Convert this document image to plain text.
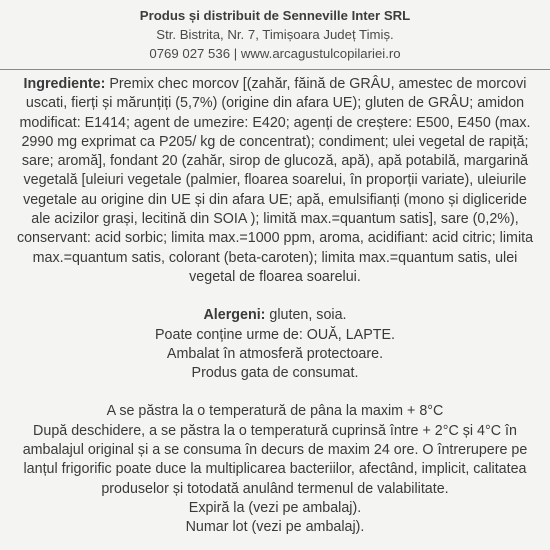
Produs și distribuit de Senneville Inter SRL
Str. Bistrita, Nr. 7, Timișoara Județ Timiș.
0769 027 536 | www.arcagustulcopilariei.ro
Ingrediente: Premix chec morcov [(zahăr, făină de GRÂU, amestec de morcovi uscati, fierți și mărunțiți (5,7%) (origine din afara UE); gluten de GRÂU; amidon modificat: E1414; agent de umezire: E420; agenți de creștere: E500, E450 (max. 2990 mg exprimat ca P205/ kg de concentrat); condiment; ulei vegetal de rapiță; sare; aromă], fondant 20 (zahăr, sirop de glucoză, apă), apă potabilă, margarină vegetală [uleiuri vegetale (palmier, floarea soarelui, în proporții variate), uleiurile vegetale au origine din UE și din afara UE; apă, emulsifianți (mono și digliceride ale acizilor grași, lecitină din SOIA ); limită max.=quantum satis], sare (0,2%), conservant: acid sorbic; limita max.=1000 ppm, aroma, acidifiant: acid citric; limita max.=quantum satis, colorant (beta-caroten); limita max.=quantum satis, ulei vegetal de floarea soarelui.
Alergeni: gluten, soia.
Poate conține urme de: OUĂ, LAPTE.
Ambalat în atmosferă protectoare.
Produs gata de consumat.
A se păstra la o temperatură de pâna la maxim + 8°C
După deschidere, a se păstra la o temperatură cuprinsă între + 2°C și 4°C în ambalajul original și a se consuma în decurs de maxim 24 ore. O întrerupere pe lanțul frigorific poate duce la multiplicarea bacteriilor, afectând, implicit, calitatea produselor și totodată anulând termenul de valabilitate.
Expiră la (vezi pe ambalaj).
Numar lot (vezi pe ambalaj).
